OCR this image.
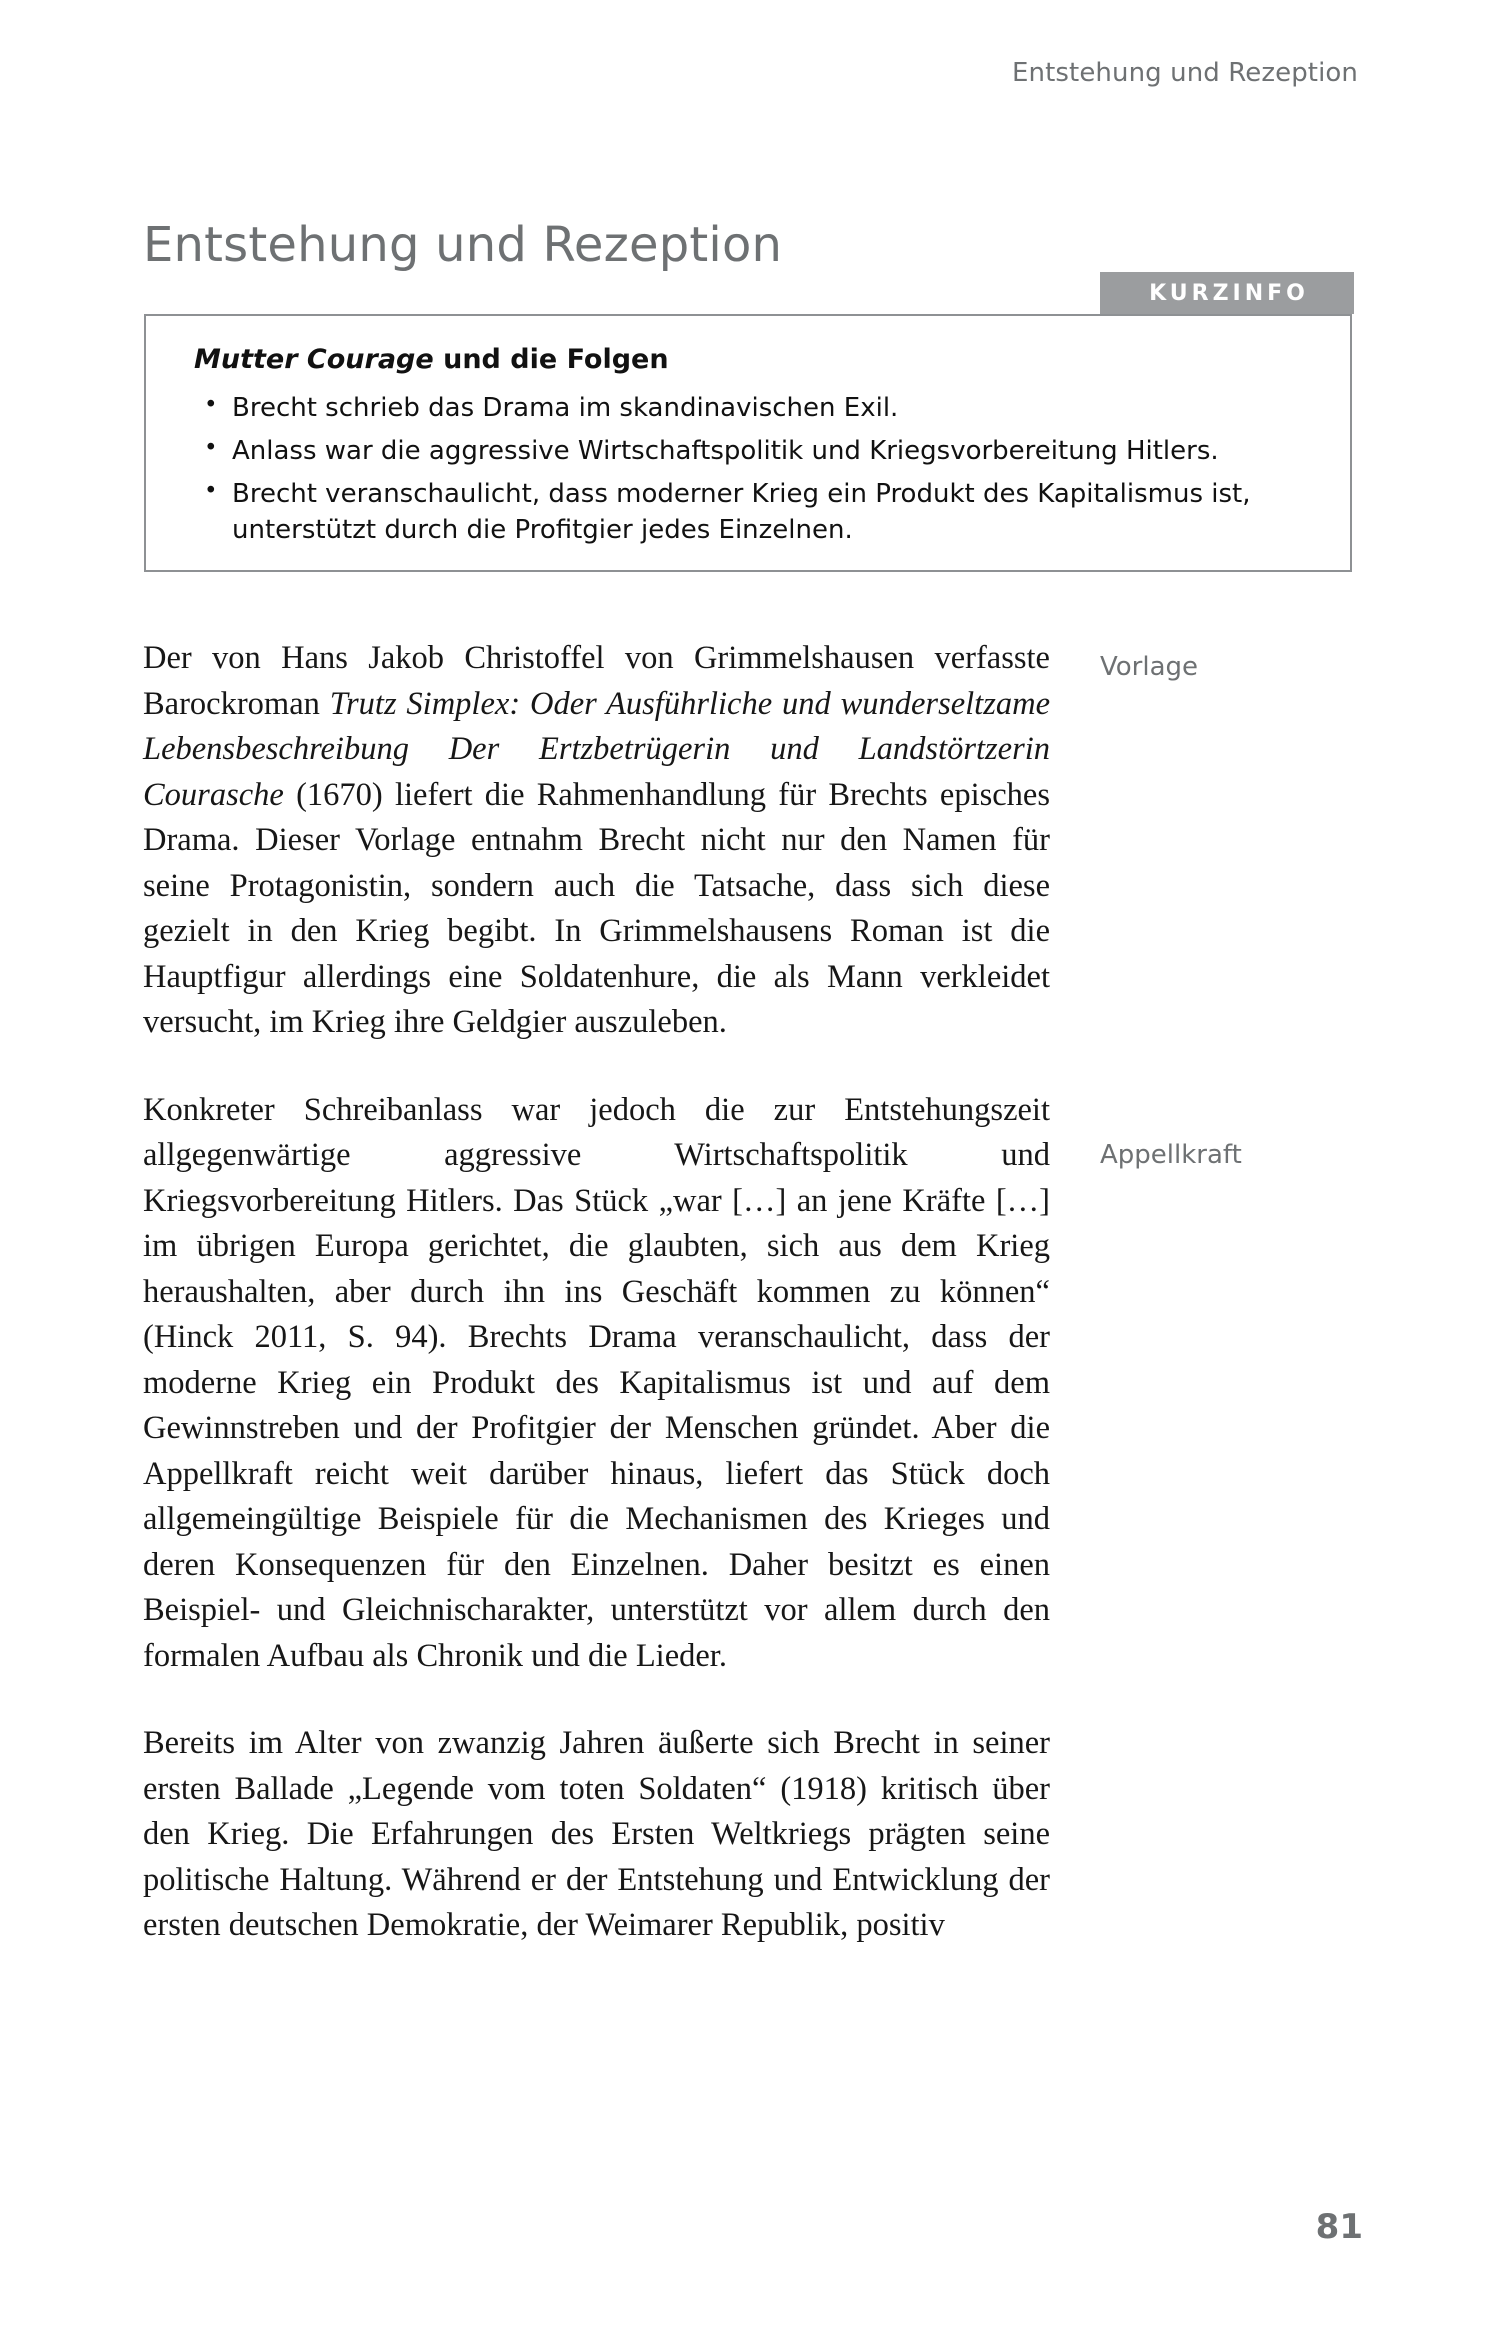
Entstehung und Rezeption
Entstehung und Rezeption
KURZINFO
Mutter Courage und die Folgen
• Brecht schrieb das Drama im skandinavischen Exil.
• Anlass war die aggressive Wirtschaftspolitik und Kriegsvorbereitung Hitlers.
• Brecht veranschaulicht, dass moderner Krieg ein Produkt des Kapitalismus ist, unterstützt durch die Profitgier jedes Einzelnen.
Vorlage
Appellkraft

Der von Hans Jakob Christoffel von Grimmelshausen verfasste Barockroman Trutz Simplex: Oder Ausführliche und wunderseltzame Lebensbeschreibung Der Ertzbetrügerin und Landstörtzerin Courasche (1670) liefert die Rahmenhandlung für Brechts episches Drama. Dieser Vorlage entnahm Brecht nicht nur den Namen für seine Protagonistin, sondern auch die Tatsache, dass sich diese gezielt in den Krieg begibt. In Grimmelshausens Roman ist die Hauptfigur allerdings eine Soldatenhure, die als Mann verkleidet versucht, im Krieg ihre Geldgier auszuleben.

Konkreter Schreibanlass war jedoch die zur Entstehungszeit allgegenwärtige aggressive Wirtschaftspolitik und Kriegsvorbereitung Hitlers. Das Stück „war […] an jene Kräfte […] im übrigen Europa gerichtet, die glaubten, sich aus dem Krieg heraushalten, aber durch ihn ins Geschäft kommen zu können“ (Hinck 2011, S. 94). Brechts Drama veranschaulicht, dass der moderne Krieg ein Produkt des Kapitalismus ist und auf dem Gewinnstreben und der Profitgier der Menschen gründet. Aber die Appellkraft reicht weit darüber hinaus, liefert das Stück doch allgemeingültige Beispiele für die Mechanismen des Krieges und deren Konsequenzen für den Einzelnen. Daher besitzt es einen Beispiel- und Gleichnischarakter, unterstützt vor allem durch den formalen Aufbau als Chronik und die Lieder.

Bereits im Alter von zwanzig Jahren äußerte sich Brecht in seiner ersten Ballade „Legende vom toten Soldaten“ (1918) kritisch über den Krieg. Die Erfahrungen des Ersten Weltkriegs prägten seine politische Haltung. Während er der Entstehung und Entwicklung der ersten deutschen Demokratie, der Weimarer Republik, positiv

81
